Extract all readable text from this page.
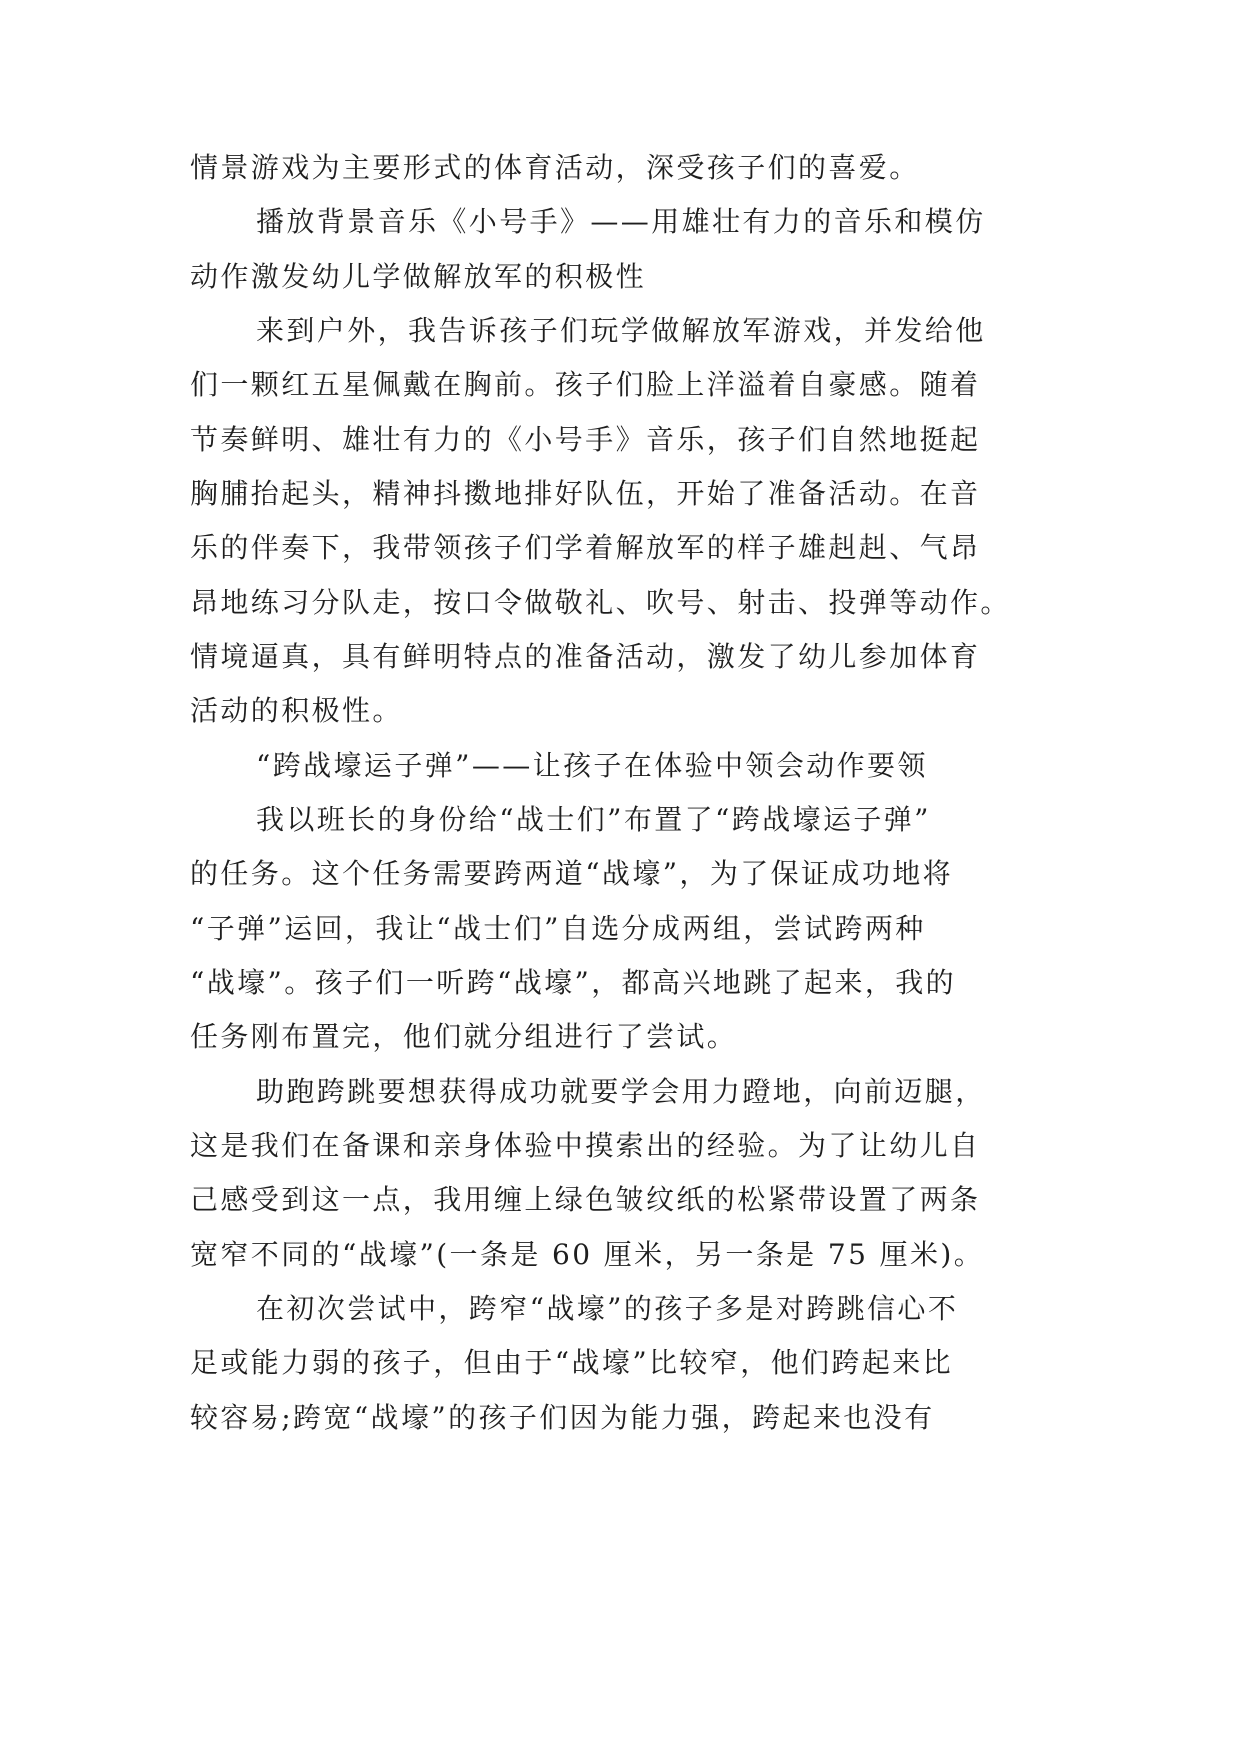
情景游戏为主要形式的体育活动，深受孩子们的喜爱。
播放背景音乐《小号手》——用雄壮有力的音乐和模仿
动作激发幼儿学做解放军的积极性
来到户外，我告诉孩子们玩学做解放军游戏，并发给他
们一颗红五星佩戴在胸前。孩子们脸上洋溢着自豪感。随着
节奏鲜明、雄壮有力的《小号手》音乐，孩子们自然地挺起
胸脯抬起头，精神抖擞地排好队伍，开始了准备活动。在音
乐的伴奏下，我带领孩子们学着解放军的样子雄赳赳、气昂
昂地练习分队走，按口令做敬礼、吹号、射击、投弹等动作。
情境逼真，具有鲜明特点的准备活动，激发了幼儿参加体育
活动的积极性。
“跨战壕运子弹”——让孩子在体验中领会动作要领
我以班长的身份给“战士们”布置了“跨战壕运子弹”
的任务。这个任务需要跨两道“战壕”，为了保证成功地将
“子弹”运回，我让“战士们”自选分成两组，尝试跨两种
“战壕”。孩子们一听跨“战壕”，都高兴地跳了起来，我的
任务刚布置完，他们就分组进行了尝试。
助跑跨跳要想获得成功就要学会用力蹬地，向前迈腿，
这是我们在备课和亲身体验中摸索出的经验。为了让幼儿自
己感受到这一点，我用缠上绿色皱纹纸的松紧带设置了两条
宽窄不同的“战壕”(一条是 60 厘米，另一条是 75 厘米)。
在初次尝试中，跨窄“战壕”的孩子多是对跨跳信心不
足或能力弱的孩子，但由于“战壕”比较窄，他们跨起来比
较容易;跨宽“战壕”的孩子们因为能力强，跨起来也没有
